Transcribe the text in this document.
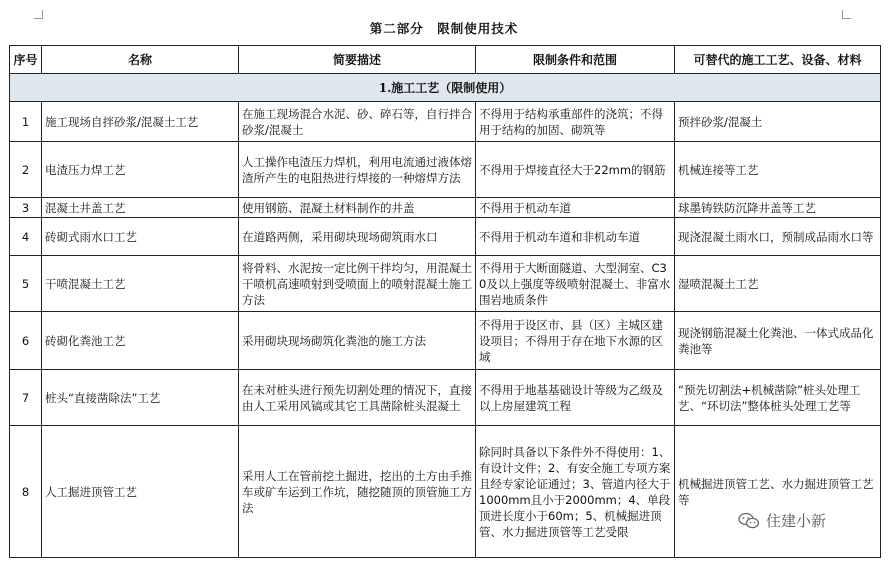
第二部分　限制使用技术
序号	名称	简要描述	限制条件和范围	可替代的施工工艺、设备、材料
1.施工工艺（限制使用）				
1	施工现场自拌砂浆/混凝土工艺	在施工现场混合水泥、砂、碎石等，自行拌合砂浆/混凝土	不得用于结构承重部件的浇筑；不得用于结构的加固、砌筑等	预拌砂浆/混凝土
2	电渣压力焊工艺	人工操作电渣压力焊机，利用电流通过液体熔渣所产生的电阻热进行焊接的一种熔焊方法	不得用于焊接直径大于22mm的钢筋	机械连接等工艺
3	混凝土井盖工艺	使用钢筋、混凝土材料制作的井盖	不得用于机动车道	球墨铸铁防沉降井盖等工艺
4	砖砌式雨水口工艺	在道路两侧，采用砌块现场砌筑雨水口	不得用于机动车道和非机动车道	现浇混凝土雨水口，预制成品雨水口等
5	干喷混凝土工艺	将骨料、水泥按一定比例干拌均匀，用混凝土干喷机高速喷射到受喷面上的喷射混凝土施工方法	不得用于大断面隧道、大型洞室、C30及以上强度等级喷射混凝土、非富水围岩地质条件	湿喷混凝土工艺
6	砖砌化粪池工艺	采用砌块现场砌筑化粪池的施工方法	不得用于设区市、县（区）主城区建设项目；不得用于存在地下水源的区域	现浇钢筋混凝土化粪池、一体式成品化粪池等
7	桩头“直接凿除法”工艺	在未对桩头进行预先切割处理的情况下，直接由人工采用风镐或其它工具凿除桩头混凝土	不得用于地基基础设计等级为乙级及以上房屋建筑工程	“预先切割法+机械凿除”桩头处理工艺、“环切法”整体桩头处理工艺等
8	人工掘进顶管工艺	采用人工在管前挖土掘进，挖出的土方由手推车或矿车运到工作坑，随挖随顶的顶管施工方法	除同时具备以下条件外不得使用：1、有设计文件；2、有安全施工专项方案且经专家论证通过；3、管道内径大于1000mm且小于2000mm；4、单段顶进长度小于60m；5、机械掘进顶管、水力掘进顶管等工艺受限	机械掘进顶管工艺、水力掘进顶管工艺等
住建小新
